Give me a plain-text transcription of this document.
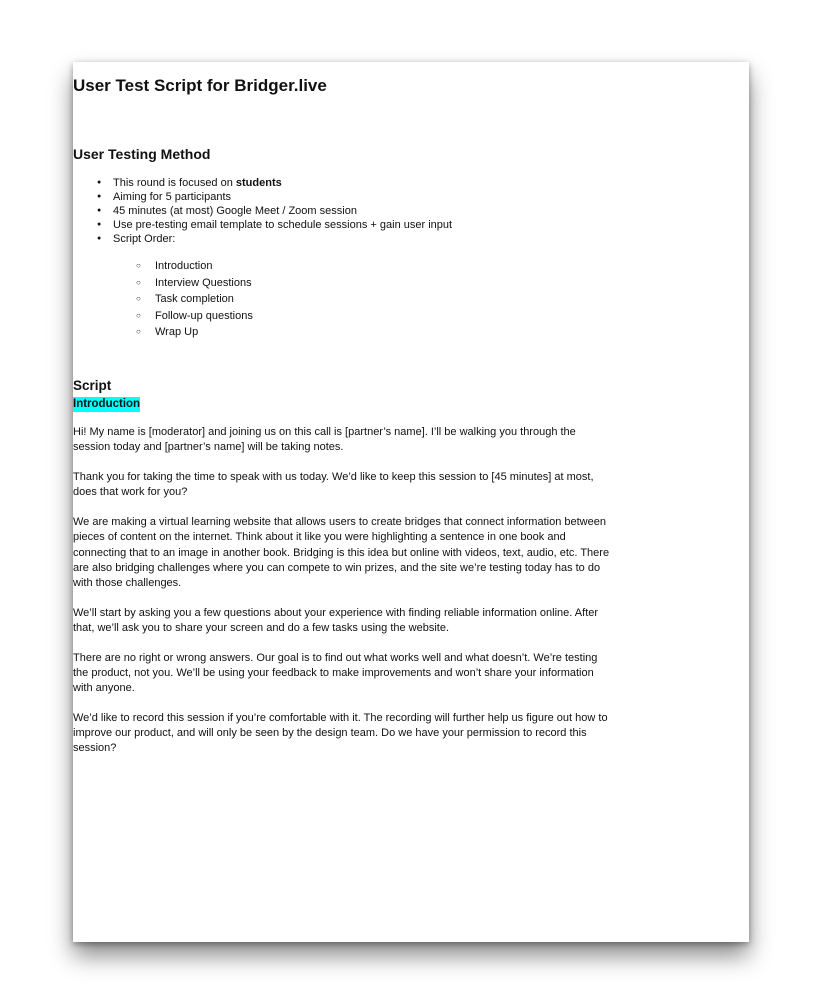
User Test Script for Bridger.live
User Testing Method
● This round is focused on students
● Aiming for 5 participants
● 45 minutes (at most) Google Meet / Zoom session
● Use pre-testing email template to schedule sessions + gain user input
● Script Order:
○ Introduction
○ Interview Questions
○ Task completion
○ Follow-up questions
○ Wrap Up
Script
Introduction

Hi! My name is [moderator] and joining us on this call is [partner’s name]. I’ll be walking you through the session today and [partner’s name] will be taking notes.

Thank you for taking the time to speak with us today. We’d like to keep this session to [45 minutes] at most, does that work for you?

We are making a virtual learning website that allows users to create bridges that connect information between pieces of content on the internet. Think about it like you were highlighting a sentence in one book and connecting that to an image in another book. Bridging is this idea but online with videos, text, audio, etc. There are also bridging challenges where you can compete to win prizes, and the site we’re testing today has to do with those challenges.

We’ll start by asking you a few questions about your experience with finding reliable information online. After that, we’ll ask you to share your screen and do a few tasks using the website.

There are no right or wrong answers. Our goal is to find out what works well and what doesn’t. We’re testing the product, not you. We’ll be using your feedback to make improvements and won’t share your information with anyone.

We’d like to record this session if you’re comfortable with it. The recording will further help us figure out how to improve our product, and will only be seen by the design team. Do we have your permission to record this session?
